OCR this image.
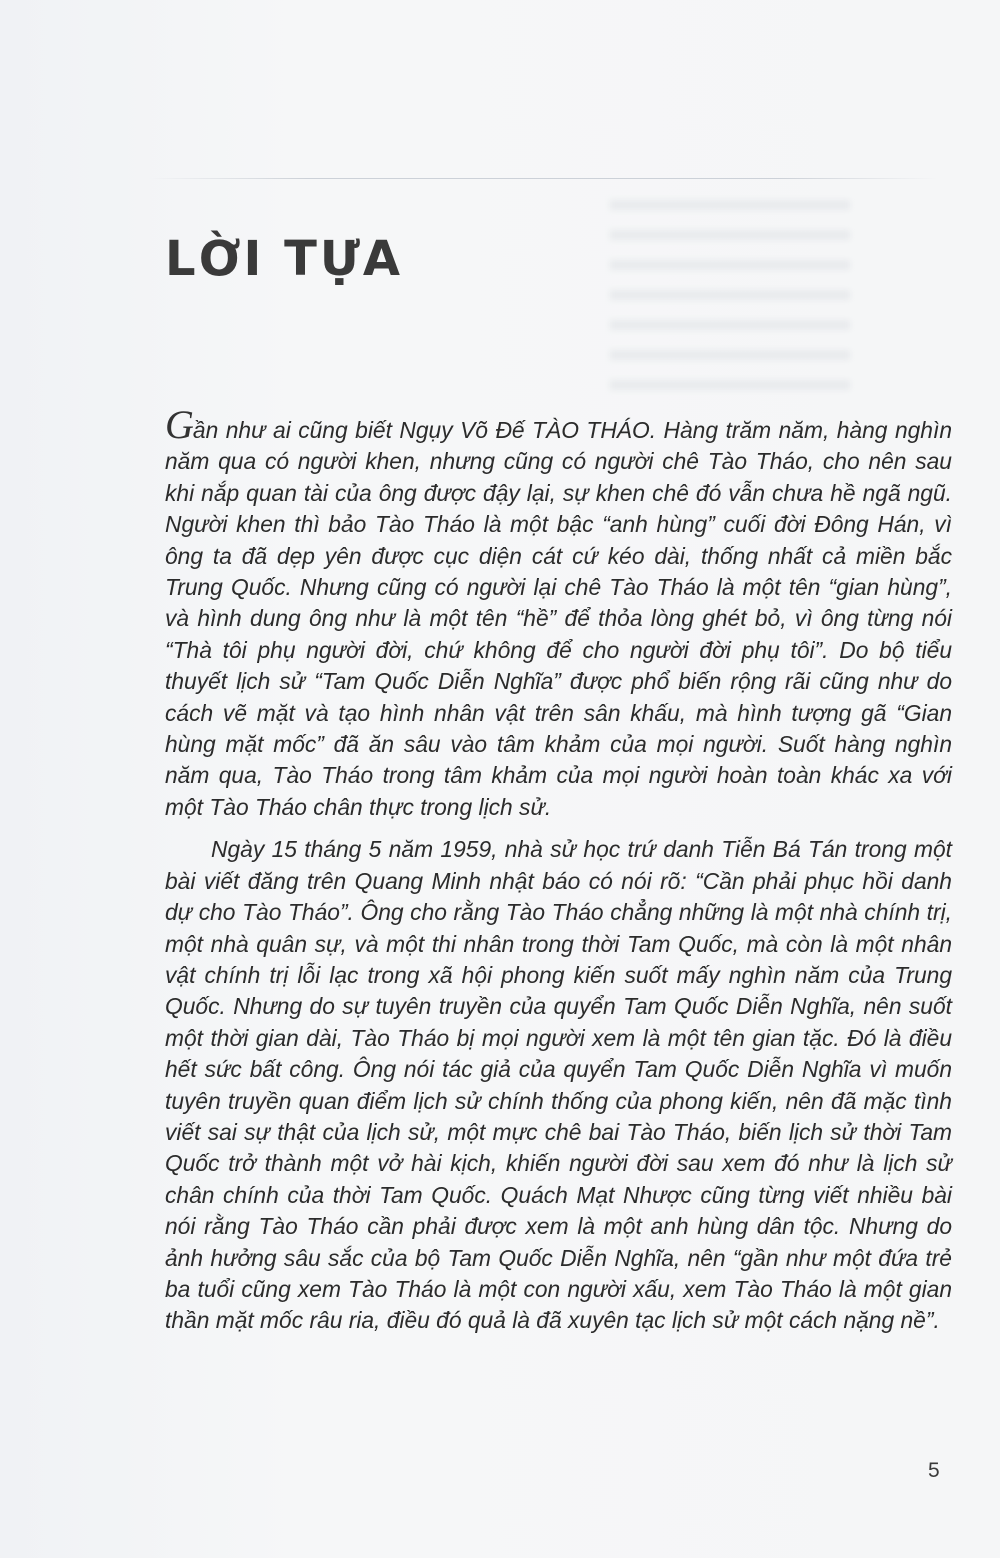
LỜI TỰA

Gần như ai cũng biết Ngụy Võ Đế TÀO THÁO. Hàng trăm năm, hàng nghìn năm qua có người khen, nhưng cũng có người chê Tào Tháo, cho nên sau khi nắp quan tài của ông được đậy lại, sự khen chê đó vẫn chưa hề ngã ngũ. Người khen thì bảo Tào Tháo là một bậc “anh hùng” cuối đời Đông Hán, vì ông ta đã dẹp yên được cục diện cát cứ kéo dài, thống nhất cả miền bắc Trung Quốc. Nhưng cũng có người lại chê Tào Tháo là một tên “gian hùng”, và hình dung ông như là một tên “hề” để thỏa lòng ghét bỏ, vì ông từng nói “Thà tôi phụ người đời, chứ không để cho người đời phụ tôi”. Do bộ tiểu thuyết lịch sử “Tam Quốc Diễn Nghĩa” được phổ biến rộng rãi cũng như do cách vẽ mặt và tạo hình nhân vật trên sân khấu, mà hình tượng gã “Gian hùng mặt mốc” đã ăn sâu vào tâm khảm của mọi người. Suốt hàng nghìn năm qua, Tào Tháo trong tâm khảm của mọi người hoàn toàn khác xa với một Tào Tháo chân thực trong lịch sử.

Ngày 15 tháng 5 năm 1959, nhà sử học trứ danh Tiễn Bá Tán trong một bài viết đăng trên Quang Minh nhật báo có nói rõ: “Cần phải phục hồi danh dự cho Tào Tháo”. Ông cho rằng Tào Tháo chẳng những là một nhà chính trị, một nhà quân sự, và một thi nhân trong thời Tam Quốc, mà còn là một nhân vật chính trị lỗi lạc trong xã hội phong kiến suốt mấy nghìn năm của Trung Quốc. Nhưng do sự tuyên truyền của quyển Tam Quốc Diễn Nghĩa, nên suốt một thời gian dài, Tào Tháo bị mọi người xem là một tên gian tặc. Đó là điều hết sức bất công. Ông nói tác giả của quyển Tam Quốc Diễn Nghĩa vì muốn tuyên truyền quan điểm lịch sử chính thống của phong kiến, nên đã mặc tình viết sai sự thật của lịch sử, một mực chê bai Tào Tháo, biến lịch sử thời Tam Quốc trở thành một vở hài kịch, khiến người đời sau xem đó như là lịch sử chân chính của thời Tam Quốc. Quách Mạt Nhược cũng từng viết nhiều bài nói rằng Tào Tháo cần phải được xem là một anh hùng dân tộc. Nhưng do ảnh hưởng sâu sắc của bộ Tam Quốc Diễn Nghĩa, nên “gần như một đứa trẻ ba tuổi cũng xem Tào Tháo là một con người xấu, xem Tào Tháo là một gian thần mặt mốc râu ria, điều đó quả là đã xuyên tạc lịch sử một cách nặng nề”.

5
